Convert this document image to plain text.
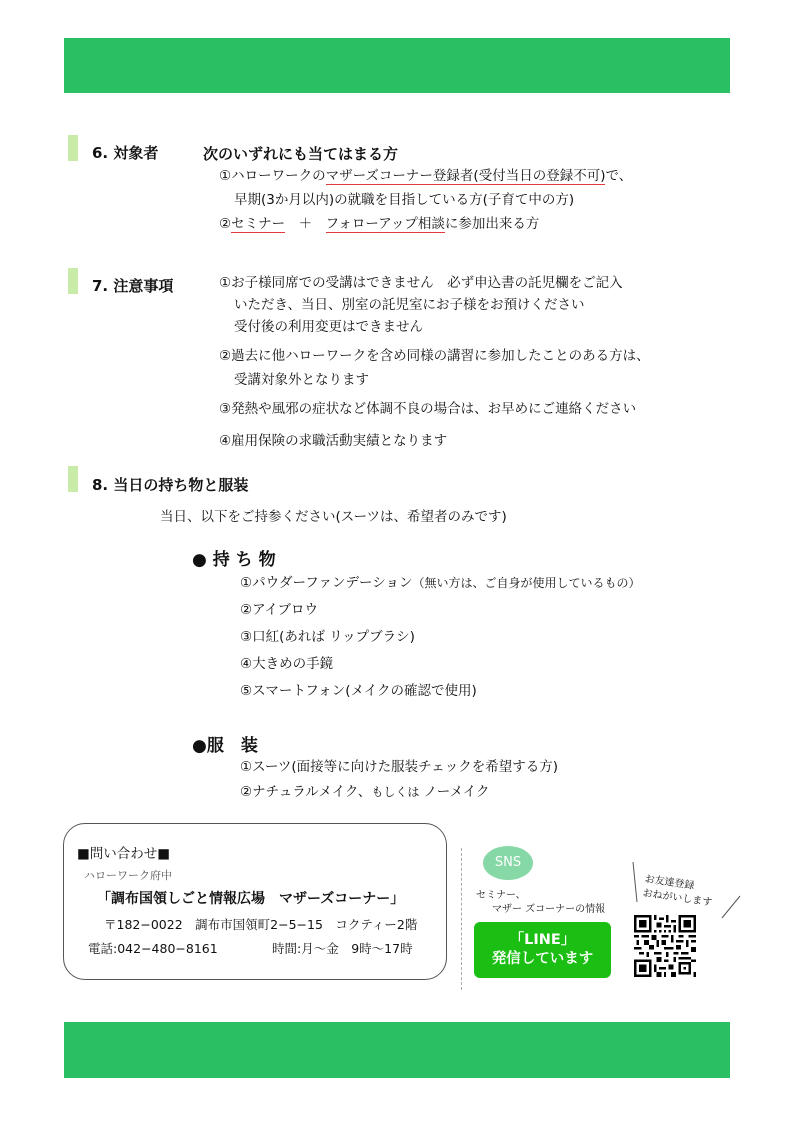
6. 対象者	次のいずれにも当てはまる方
①ハローワークのマザーズコーナー登録者(受付当日の登録不可)で、
早期(3か月以内)の就職を目指している方(子育て中の方)
②セミナー　 ＋　 フォローアップ相談に参加出来る方
7. 注意事項	①お子様同席での受講はできません　必ず申込書の託児欄をご記入
いただき、当日、別室の託児室にお子様をお預けください
受付後の利用変更はできません
②過去に他ハローワークを含め同様の講習に参加したことのある方は、
受講対象外となります
③発熱や風邪の症状など体調不良の場合は、お早めにご連絡ください
④雇用保険の求職活動実績となります
8. 当日の持ち物と服装
当日、以下をご持参ください(スーツは、希望者のみです)
● 持 ち 物
①パウダーファンデーション（無い方は、ご自身が使用しているもの）
②アイブロウ
③口紅(あれば リップブラシ)
④大きめの手鏡
⑤スマートフォン(メイクの確認で使用)
●服　装
①スーツ(面接等に向けた服装チェックを希望する方)
②ナチュラルメイク、もしくは ノーメイク
■問い合わせ■
ハローワーク府中
「調布国領しごと情報広場　マザーズコーナー」
〒182−0022　調布市国領町2−5−15　コクティー2階
電話:042−480−8161	時間:月〜金　9時〜17時
SNS
セミナー、
マザー ズコーナーの情報
「LINE」
発信しています
お友達登録
おねがいします
